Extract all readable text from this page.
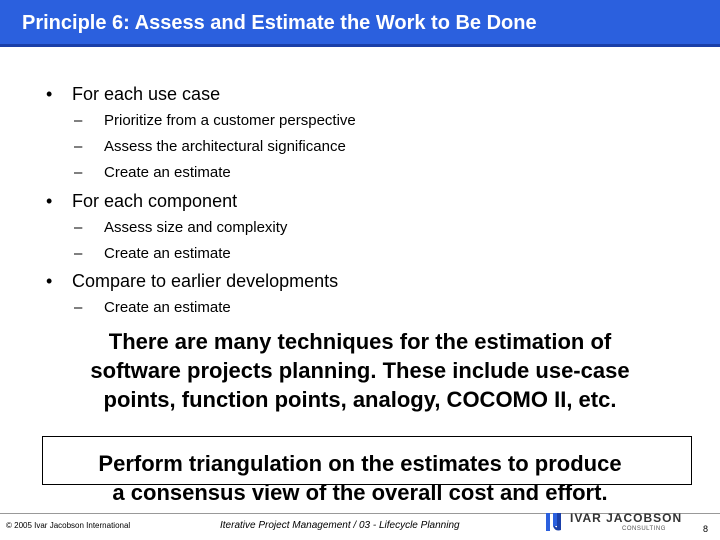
Principle 6: Assess and Estimate the Work to Be Done
• For each use case
– Prioritize from a customer perspective
– Assess the architectural significance
– Create an estimate
• For each component
– Assess size and complexity
– Create an estimate
• Compare to earlier developments
– Create an estimate
There are many techniques for the estimation of
software projects planning. These include use-case
points, function points, analogy, COCOMO II, etc.
Perform triangulation on the estimates to produce
a consensus view of the overall cost and effort.
© 2005 Ivar Jacobson International	Iterative Project Management / 03 - Lifecycle Planning
IVAR JACOBSON
CONSULTING	8
